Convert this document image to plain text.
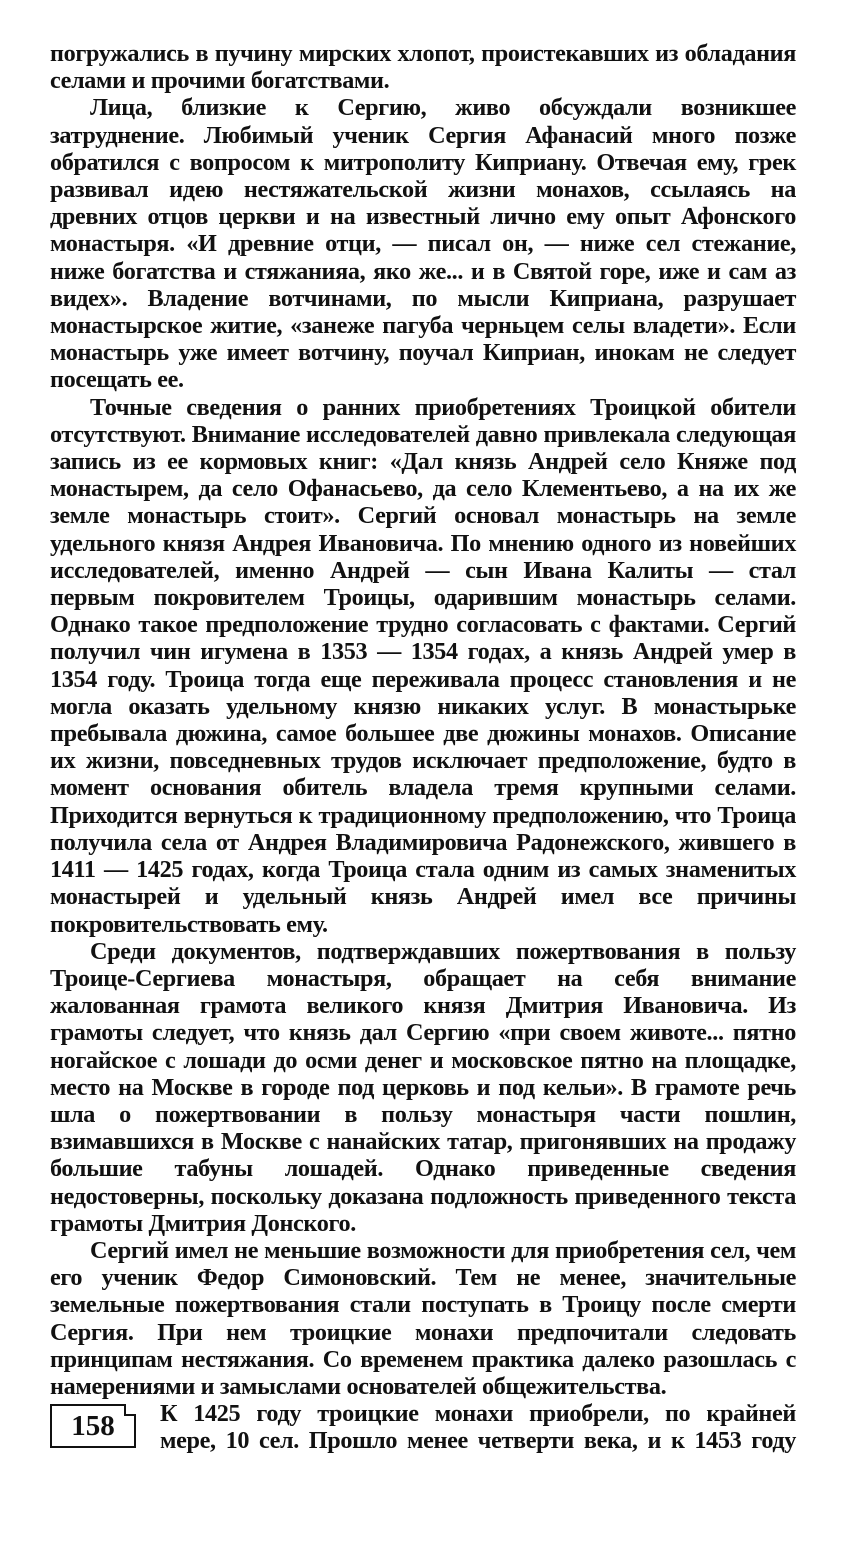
погружались в пучину мирских хлопот, проистекавших из обладания селами и прочими богатствами.

Лица, близкие к Сергию, живо обсуждали возникшее затруднение. Любимый ученик Сергия Афанасий много позже обратился с вопросом к митрополиту Киприану. Отвечая ему, грек развивал идею нестяжательской жизни монахов, ссылаясь на древних отцов церкви и на известный лично ему опыт Афонского монастыря. «И древние отци, — писал он, — ниже сел стежание, ниже богатства и стяжанияа, яко же... и в Святой горе, иже и сам аз видех». Владение вотчинами, по мысли Киприана, разрушает монастырское житие, «занеже пагуба черньцем селы владети». Если монастырь уже имеет вотчину, поучал Киприан, инокам не следует посещать ее.

Точные сведения о ранних приобретениях Троицкой обители отсутствуют. Внимание исследователей давно привлекала следующая запись из ее кормовых книг: «Дал князь Андрей село Княже под монастырем, да село Офанасьево, да село Клементьево, а на их же земле монастырь стоит». Сергий основал монастырь на земле удельного князя Андрея Ивановича. По мнению одного из новейших исследователей, именно Андрей — сын Ивана Калиты — стал первым покровителем Троицы, одарившим монастырь селами. Однако такое предположение трудно согласовать с фактами. Сергий получил чин игумена в 1353 — 1354 годах, а князь Андрей умер в 1354 году. Троица тогда еще переживала процесс становления и не могла оказать удельному князю никаких услуг. В монастырьке пребывала дюжина, самое большее две дюжины монахов. Описание их жизни, повседневных трудов исключает предположение, будто в момент основания обитель владела тремя крупными селами. Приходится вернуться к традиционному предположению, что Троица получила села от Андрея Владимировича Радонежского, жившего в 1411 — 1425 годах, когда Троица стала одним из самых знаменитых монастырей и удельный князь Андрей имел все причины покровительствовать ему.

Среди документов, подтверждавших пожертвования в пользу Троице-Сергиева монастыря, обращает на себя внимание жалованная грамота великого князя Дмитрия Ивановича. Из грамоты следует, что князь дал Сергию «при своем животе... пятно ногайское с лошади до осми денег и московское пятно на площадке, место на Москве в городе под церковь и под кельи». В грамоте речь шла о пожертвовании в пользу монастыря части пошлин, взимавшихся в Москве с нанайских татар, пригонявших на продажу большие табуны лошадей. Однако приведенные сведения недостоверны, поскольку доказана подложность приведенного текста грамоты Дмитрия Донского.

Сергий имел не меньшие возможности для приобретения сел, чем его ученик Федор Симоновский. Тем не менее, значительные земельные пожертвования стали поступать в Троицу после смерти Сергия. При нем троицкие монахи предпочитали следовать принципам нестяжания. Со временем практика далеко разошлась с намерениями и замыслами основателей общежительства.

158	К 1425 году троицкие монахи приобрели, по крайней
мере, 10 сел. Прошло менее четверти века, и к 1453 году
